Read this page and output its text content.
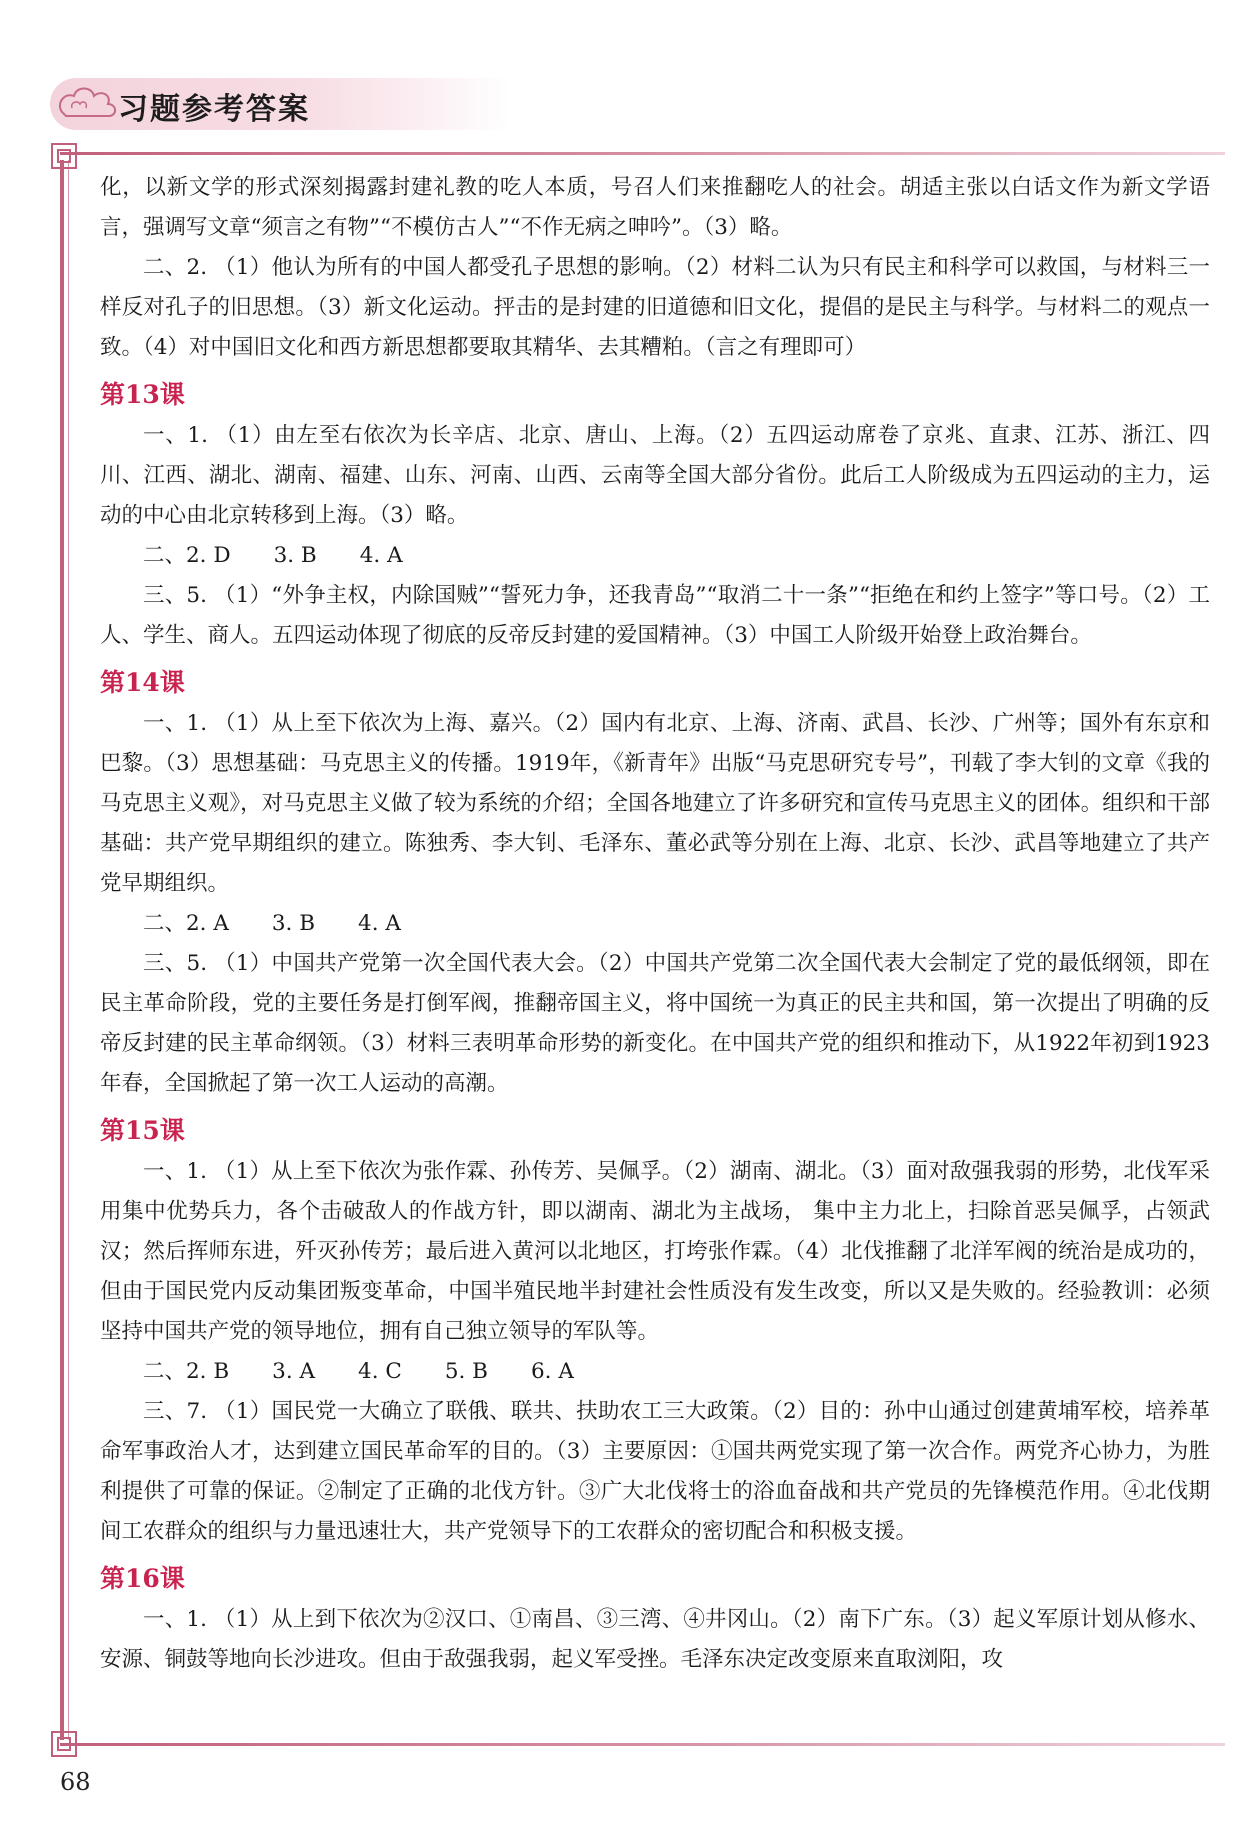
习题参考答案

化，以新文学的形式深刻揭露封建礼教的吃人本质，号召人们来推翻吃人的社会。胡适主张以白话文作为新文学语言，强调写文章“须言之有物”“不模仿古人”“不作无病之呻吟”。（3）略。

二、2. （1）他认为所有的中国人都受孔子思想的影响。（2）材料二认为只有民主和科学可以救国，与材料三一样反对孔子的旧思想。（3）新文化运动。抨击的是封建的旧道德和旧文化，提倡的是民主与科学。与材料二的观点一致。（4）对中国旧文化和西方新思想都要取其精华、去其糟粕。（言之有理即可）

第13课

一、1. （1）由左至右依次为长辛店、北京、唐山、上海。（2）五四运动席卷了京兆、直隶、江苏、浙江、四川、江西、湖北、湖南、福建、山东、河南、山西、云南等全国大部分省份。此后工人阶级成为五四运动的主力，运动的中心由北京转移到上海。（3）略。

二、2. D　　3. B　　4. A

三、5. （1）“外争主权，内除国贼”“誓死力争，还我青岛”“取消二十一条”“拒绝在和约上签字”等口号。（2）工人、学生、商人。五四运动体现了彻底的反帝反封建的爱国精神。（3）中国工人阶级开始登上政治舞台。

第14课

一、1. （1）从上至下依次为上海、嘉兴。（2）国内有北京、上海、济南、武昌、长沙、广州等；国外有东京和巴黎。（3）思想基础：马克思主义的传播。1919年，《新青年》出版“马克思研究专号”，刊载了李大钊的文章《我的马克思主义观》，对马克思主义做了较为系统的介绍；全国各地建立了许多研究和宣传马克思主义的团体。组织和干部基础：共产党早期组织的建立。陈独秀、李大钊、毛泽东、董必武等分别在上海、北京、长沙、武昌等地建立了共产党早期组织。

二、2. A　　3. B　　4. A

三、5. （1）中国共产党第一次全国代表大会。（2）中国共产党第二次全国代表大会制定了党的最低纲领，即在民主革命阶段，党的主要任务是打倒军阀，推翻帝国主义，将中国统一为真正的民主共和国，第一次提出了明确的反帝反封建的民主革命纲领。（3）材料三表明革命形势的新变化。在中国共产党的组织和推动下，从1922年初到1923年春，全国掀起了第一次工人运动的高潮。

第15课

一、1. （1）从上至下依次为张作霖、孙传芳、吴佩孚。（2）湖南、湖北。（3）面对敌强我弱的形势，北伐军采用集中优势兵力，各个击破敌人的作战方针，即以湖南、湖北为主战场， 集中主力北上，扫除首恶吴佩孚，占领武汉；然后挥师东进，歼灭孙传芳；最后进入黄河以北地区，打垮张作霖。（4）北伐推翻了北洋军阀的统治是成功的，但由于国民党内反动集团叛变革命，中国半殖民地半封建社会性质没有发生改变，所以又是失败的。经验教训：必须坚持中国共产党的领导地位，拥有自己独立领导的军队等。

二、2. B　　3. A　　4. C　　5. B　　6. A

三、7. （1）国民党一大确立了联俄、联共、扶助农工三大政策。（2）目的：孙中山通过创建黄埔军校，培养革命军事政治人才，达到建立国民革命军的目的。（3）主要原因：①国共两党实现了第一次合作。两党齐心协力，为胜利提供了可靠的保证。②制定了正确的北伐方针。③广大北伐将士的浴血奋战和共产党员的先锋模范作用。④北伐期间工农群众的组织与力量迅速壮大，共产党领导下的工农群众的密切配合和积极支援。

第16课

一、1. （1）从上到下依次为②汉口、①南昌、③三湾、④井冈山。（2）南下广东。（3）起义军原计划从修水、安源、铜鼓等地向长沙进攻。但由于敌强我弱，起义军受挫。毛泽东决定改变原来直取浏阳，攻

68
